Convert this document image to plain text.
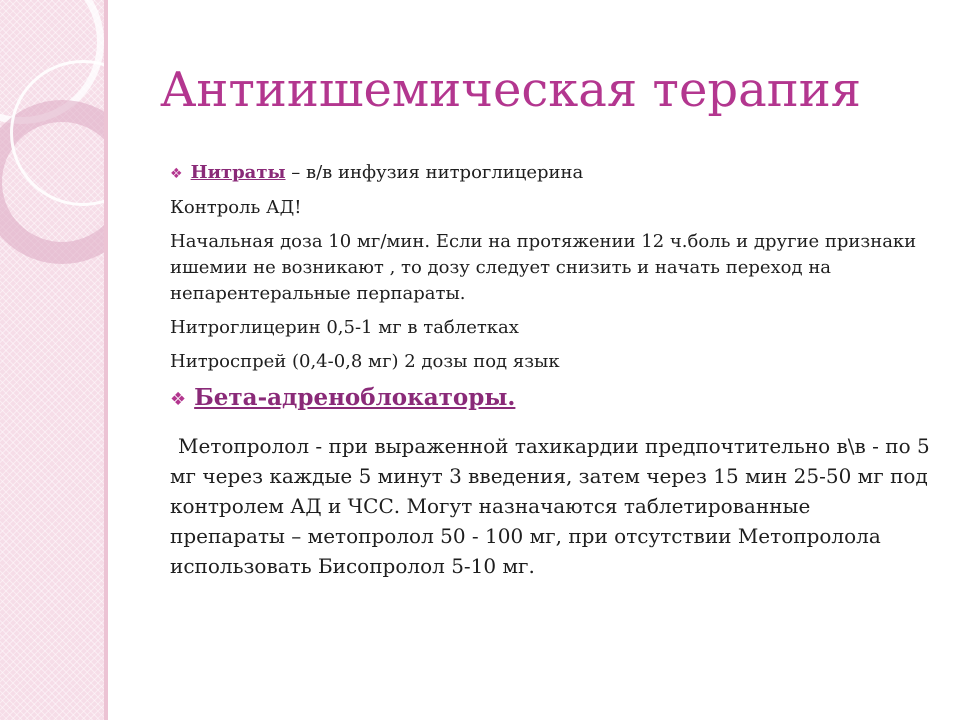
Антиишемическая терапия
❖ Нитраты – в/в инфузия нитроглицерина

Контроль АД!

Начальная доза 10 мг/мин. Если на протяжении 12 ч.боль и другие признаки ишемии не возникают , то дозу следует снизить и начать переход на непарентеральные перпараты.

Нитроглицерин 0,5-1 мг в таблетках

Нитроспрей (0,4-0,8 мг) 2 дозы под язык

❖ Бета-адреноблокаторы.

Метопролол - при выраженной тахикардии предпочтительно в\в - по 5 мг через каждые 5 минут 3 введения, затем через 15 мин 25-50 мг под контролем АД и ЧСС. Могут назначаются таблетированные препараты – метопролол 50 - 100 мг, при отсутствии Метопролола использовать Бисопролол 5-10 мг.
